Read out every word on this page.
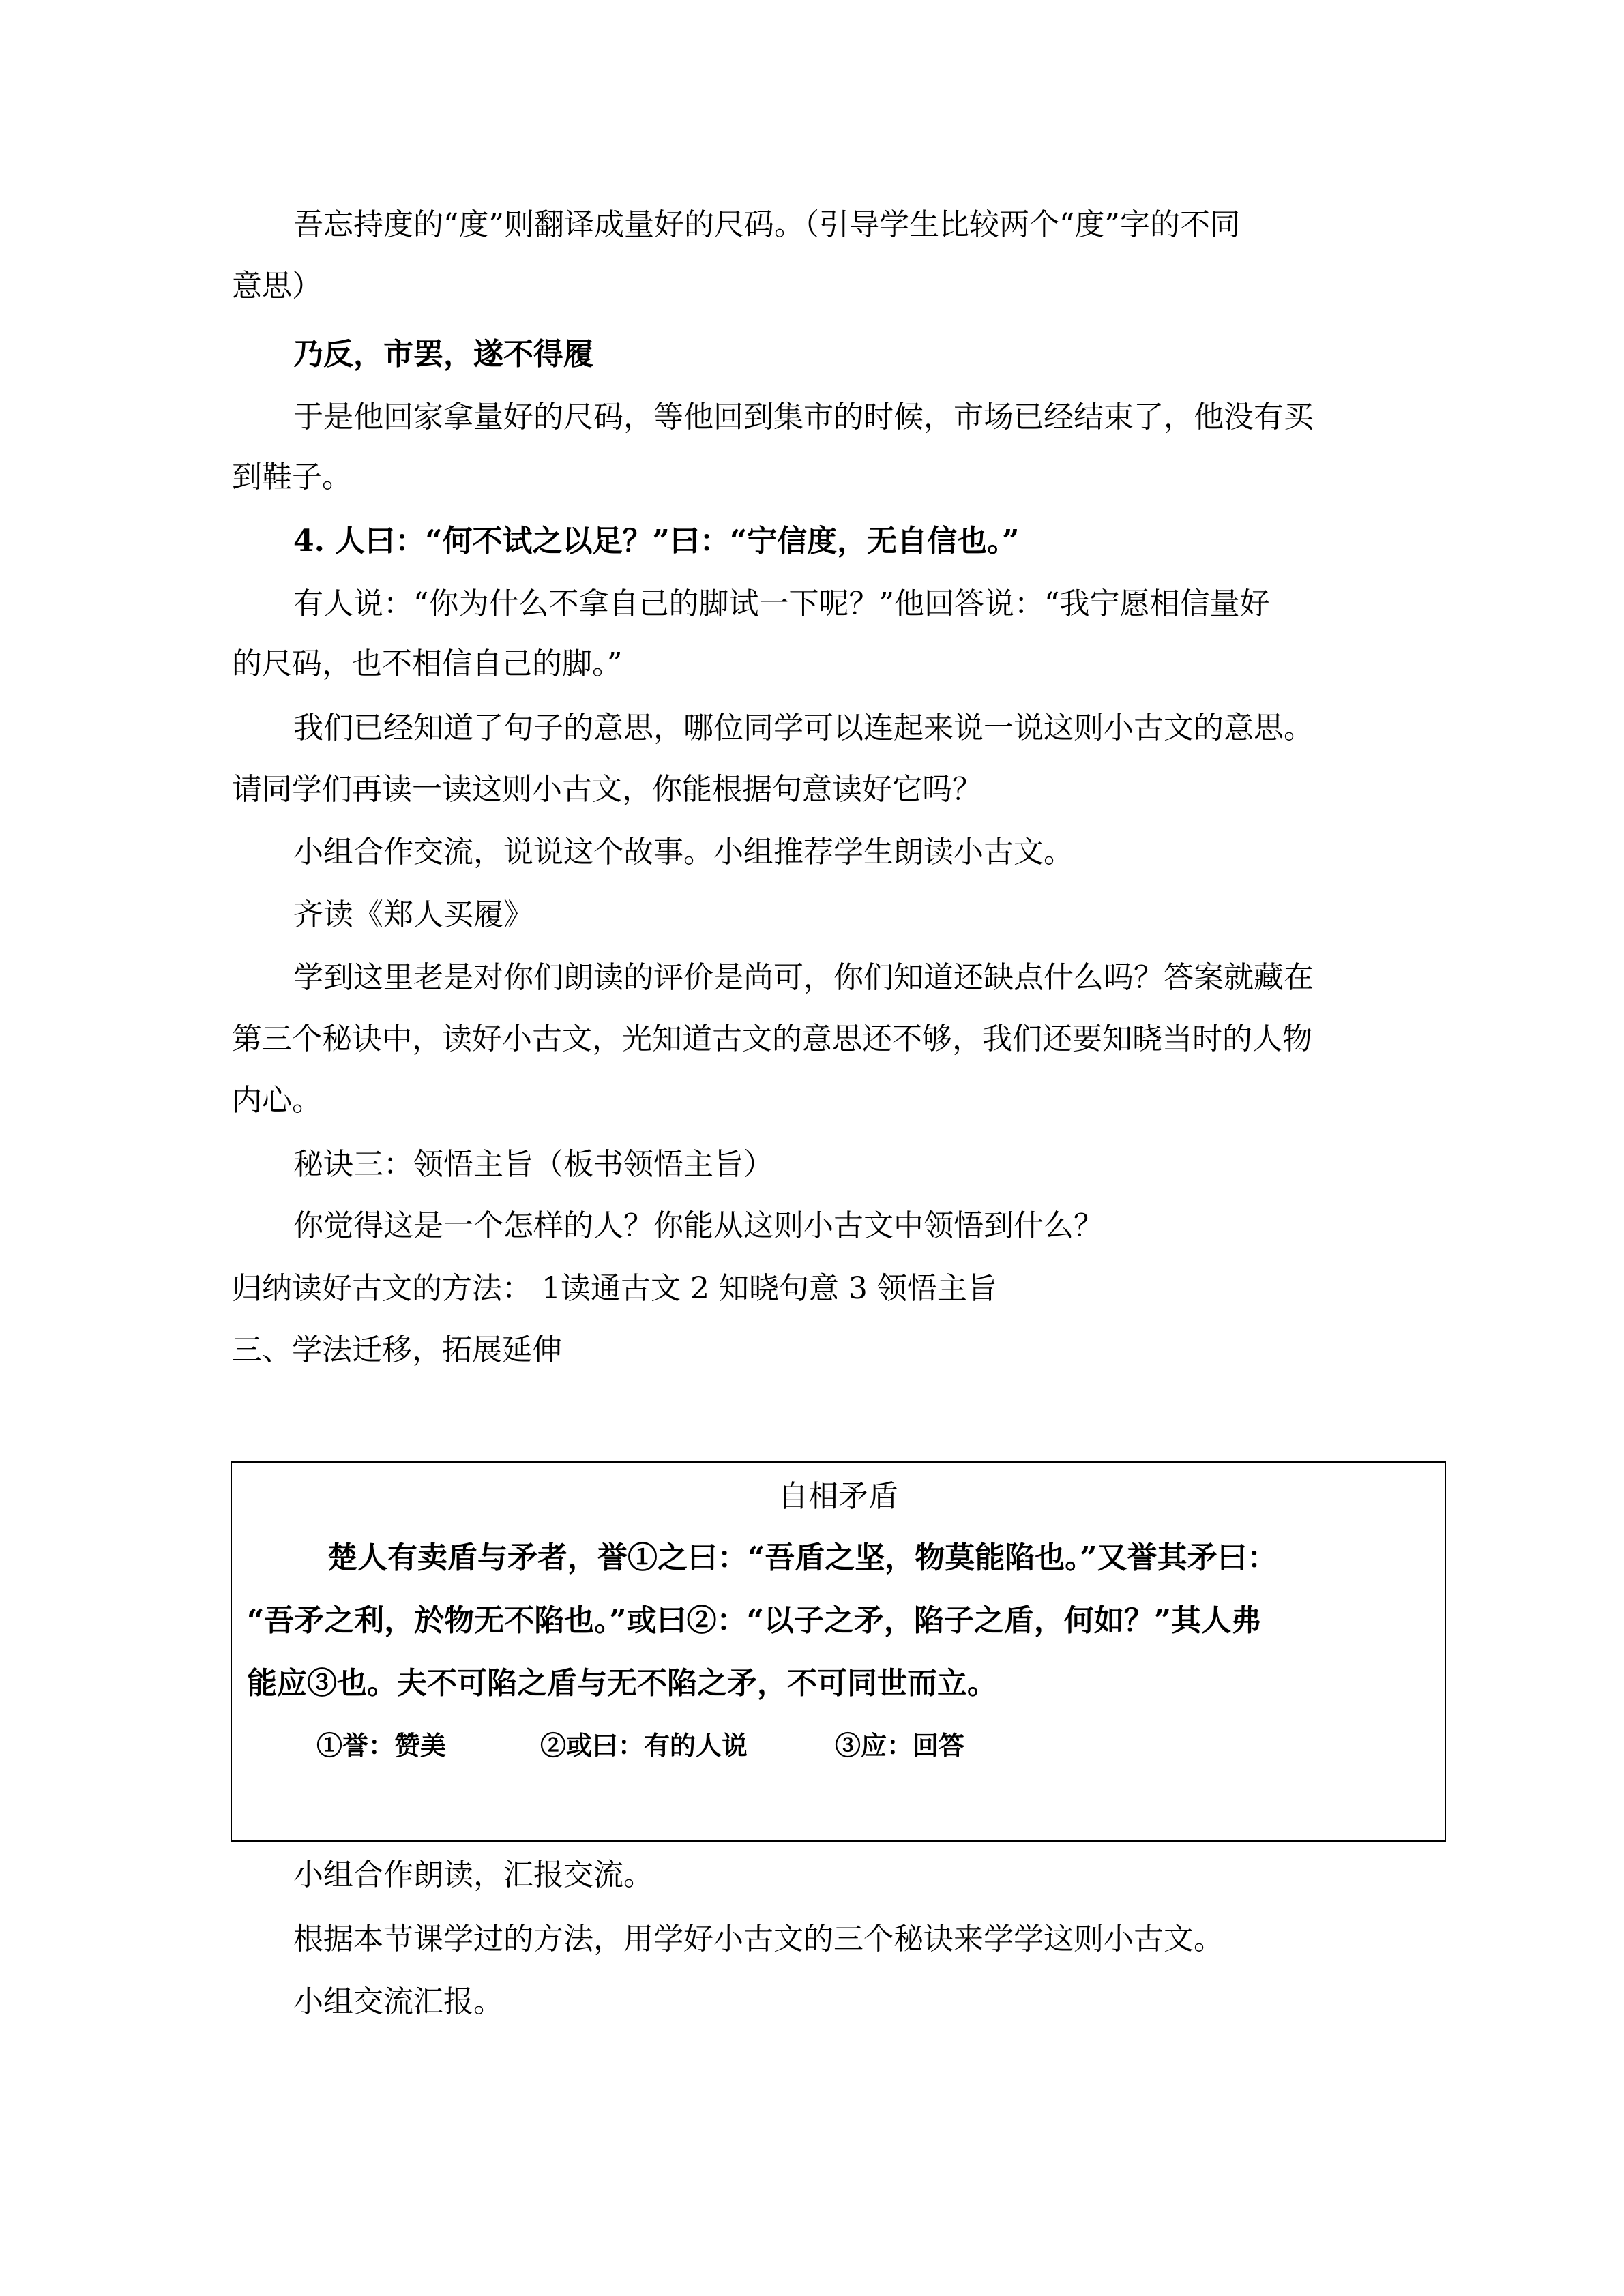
吾忘持度的“度”则翻译成量好的尺码。（引导学生比较两个“度”字的不同
意思）
乃反，市罢，遂不得履
于是他回家拿量好的尺码，等他回到集市的时候，市场已经结束了，他没有买
到鞋子。
4. 人曰：“何不试之以足？”曰：“宁信度，无自信也。”
有人说：“你为什么不拿自己的脚试一下呢？”他回答说：“我宁愿相信量好
的尺码，也不相信自己的脚。”
我们已经知道了句子的意思，哪位同学可以连起来说一说这则小古文的意思。
请同学们再读一读这则小古文，你能根据句意读好它吗？
小组合作交流，说说这个故事。小组推荐学生朗读小古文。
齐读《郑人买履》
学到这里老是对你们朗读的评价是尚可，你们知道还缺点什么吗？答案就藏在
第三个秘诀中，读好小古文，光知道古文的意思还不够，我们还要知晓当时的人物
内心。
秘诀三：领悟主旨（板书领悟主旨）
你觉得这是一个怎样的人？你能从这则小古文中领悟到什么？
归纳读好古文的方法： 1读通古文 2 知晓句意 3 领悟主旨
三、学法迁移，拓展延伸
自相矛盾
楚人有卖盾与矛者，誉①之曰：“吾盾之坚，物莫能陷也。”又誉其矛曰：
“吾矛之利，於物无不陷也。”或曰②：“以子之矛，陷子之盾，何如？”其人弗
能应③也。夫不可陷之盾与无不陷之矛，不可同世而立。
①誉：赞美	②或曰：有的人说	③应：回答
小组合作朗读，汇报交流。
根据本节课学过的方法，用学好小古文的三个秘诀来学学这则小古文。
小组交流汇报。
